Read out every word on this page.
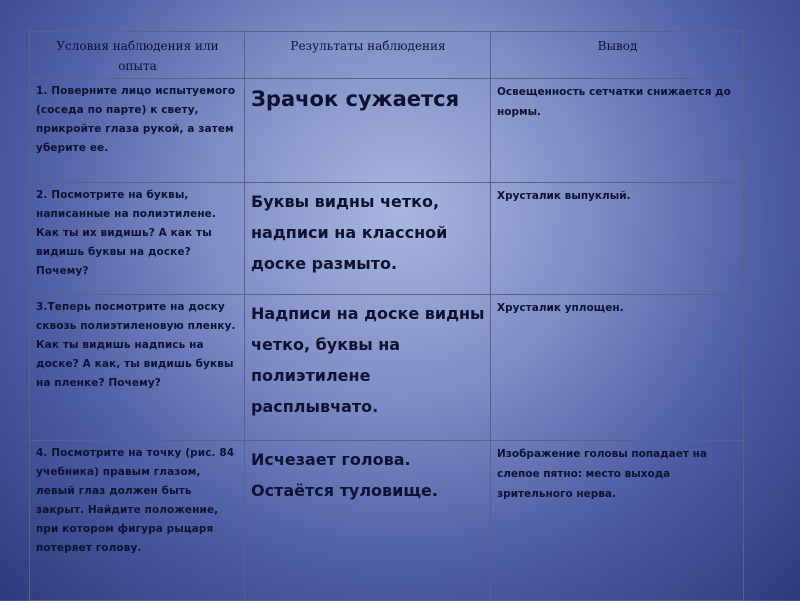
Условия наблюдения или опыта	Результаты наблюдения	Вывод
1. Поверните лицо испытуемого (соседа по парте) к свету, прикройте глаза рукой, а затем уберите ее.	Зрачок сужается	Освещенность сетчатки снижается до нормы.
2. Посмотрите на буквы, написанные на полиэтилене. Как ты их видишь? А как ты видишь буквы на доске? Почему?	Буквы видны четко, надписи на классной доске размыто.	Хрусталик выпуклый.
3.Теперь посмотрите на доску сквозь полиэтиленовую пленку. Как ты видишь надпись на доске? А как, ты видишь буквы на пленке? Почему?	Надписи на доске видны четко, буквы на полиэтилене расплывчато.	Хрусталик уплощен.
4. Посмотрите на точку (рис. 84 учебника) правым глазом, левый глаз должен быть закрыт. Найдите положение, при котором фигура рыцаря потеряет голову.	Исчезает голова. Остаётся туловище.	Изображение головы попадает на слепое пятно: место выхода зрительного нерва.
